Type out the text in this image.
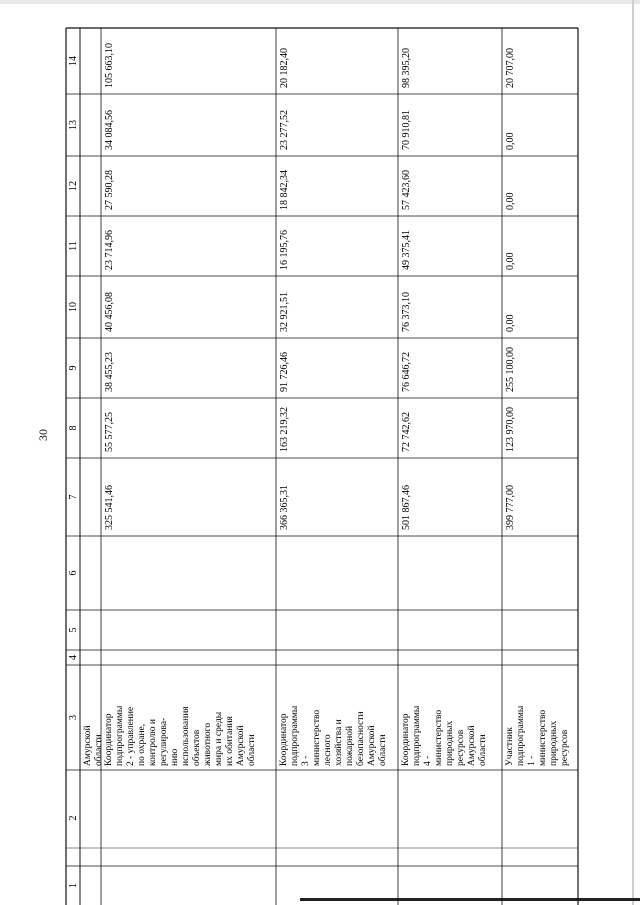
30
1
2
3
4
5
6
7
8
9
10
11
12
13
14
Амурской области Координатор подпрограммы 2 - управление по охране, контролю и регулирова- нию использования объектов животного мира и среды их обитания Амурской области
325 541,46
55 577,25
38 455,23
40 456,08
23 714,96
27 590,28
34 084,56
105 663,10
Координатор подпрограммы 3 - министерство лесного хозяйства и пожарной безопасности Амурской области
366 365,31
163 219,32
91 726,46
32 921,51
16 195,76
18 842,34
23 277,52
20 182,40
Координатор подпрограммы 4 - министерство природных ресурсов Амурской области
501 867,46
72 742,62
76 646,72
76 373,10
49 375,41
57 423,60
70 910,81
98 395,20
Участник подпрограммы 1 - министерство природных ресурсов
399 777,00
123 970,00
255 100,00
0,00
0,00
0,00
0,00
20 707,00
